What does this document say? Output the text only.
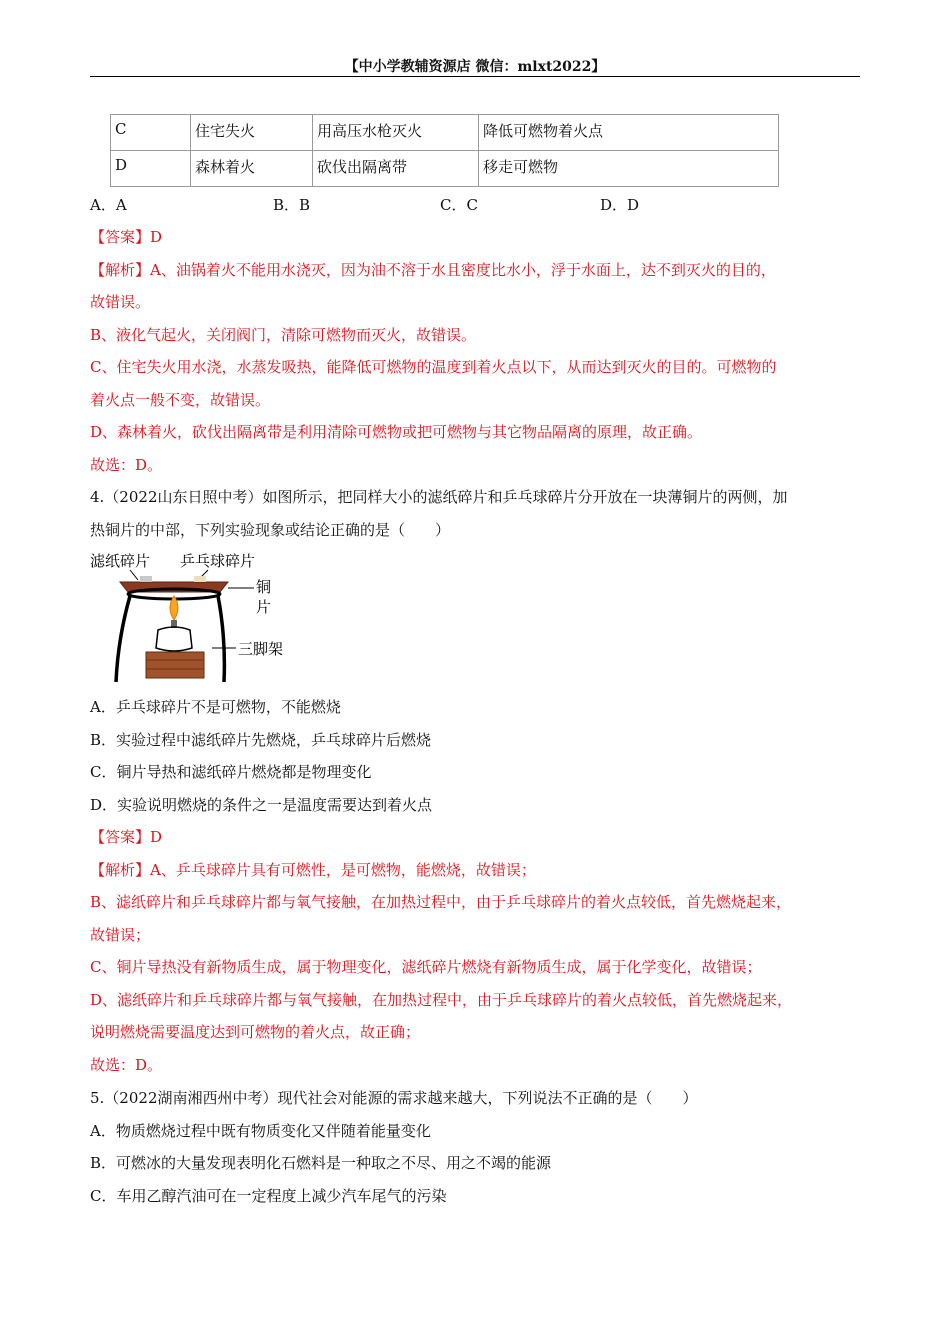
【中小学教辅资源店 微信：mlxt2022】
C	住宅失火	用高压水枪灭火	降低可燃物着火点
D	森林着火	砍伐出隔离带	移走可燃物
A．A	B．B	C．C	D．D
【答案】D
【解析】A、油锅着火不能用水浇灭，因为油不溶于水且密度比水小，浮于水面上，达不到灭火的目的，
故错误。
B、液化气起火，关闭阀门，清除可燃物而灭火，故错误。
C、住宅失火用水浇，水蒸发吸热，能降低可燃物的温度到着火点以下，从而达到灭火的目的。可燃物的
着火点一般不变，故错误。
D、森林着火，砍伐出隔离带是利用清除可燃物或把可燃物与其它物品隔离的原理，故正确。
故选：D。
4.（2022山东日照中考）如图所示，把同样大小的滤纸碎片和乒乓球碎片分开放在一块薄铜片的两侧，加
热铜片的中部，下列实验现象或结论正确的是（　　）
滤纸碎片 乒乓球碎片
铜
片
三脚架
A．乒乓球碎片不是可燃物，不能燃烧
B．实验过程中滤纸碎片先燃烧，乒乓球碎片后燃烧
C．铜片导热和滤纸碎片燃烧都是物理变化
D．实验说明燃烧的条件之一是温度需要达到着火点
【答案】D
【解析】A、乒乓球碎片具有可燃性，是可燃物，能燃烧，故错误；
B、滤纸碎片和乒乓球碎片都与氧气接触，在加热过程中，由于乒乓球碎片的着火点较低，首先燃烧起来，
故错误；
C、铜片导热没有新物质生成，属于物理变化，滤纸碎片燃烧有新物质生成，属于化学变化，故错误；
D、滤纸碎片和乒乓球碎片都与氧气接触，在加热过程中，由于乒乓球碎片的着火点较低，首先燃烧起来，
说明燃烧需要温度达到可燃物的着火点，故正确；
故选：D。
5.（2022湖南湘西州中考）现代社会对能源的需求越来越大，下列说法不正确的是（　　）
A．物质燃烧过程中既有物质变化又伴随着能量变化
B．可燃冰的大量发现表明化石燃料是一种取之不尽、用之不竭的能源
C．车用乙醇汽油可在一定程度上减少汽车尾气的污染
